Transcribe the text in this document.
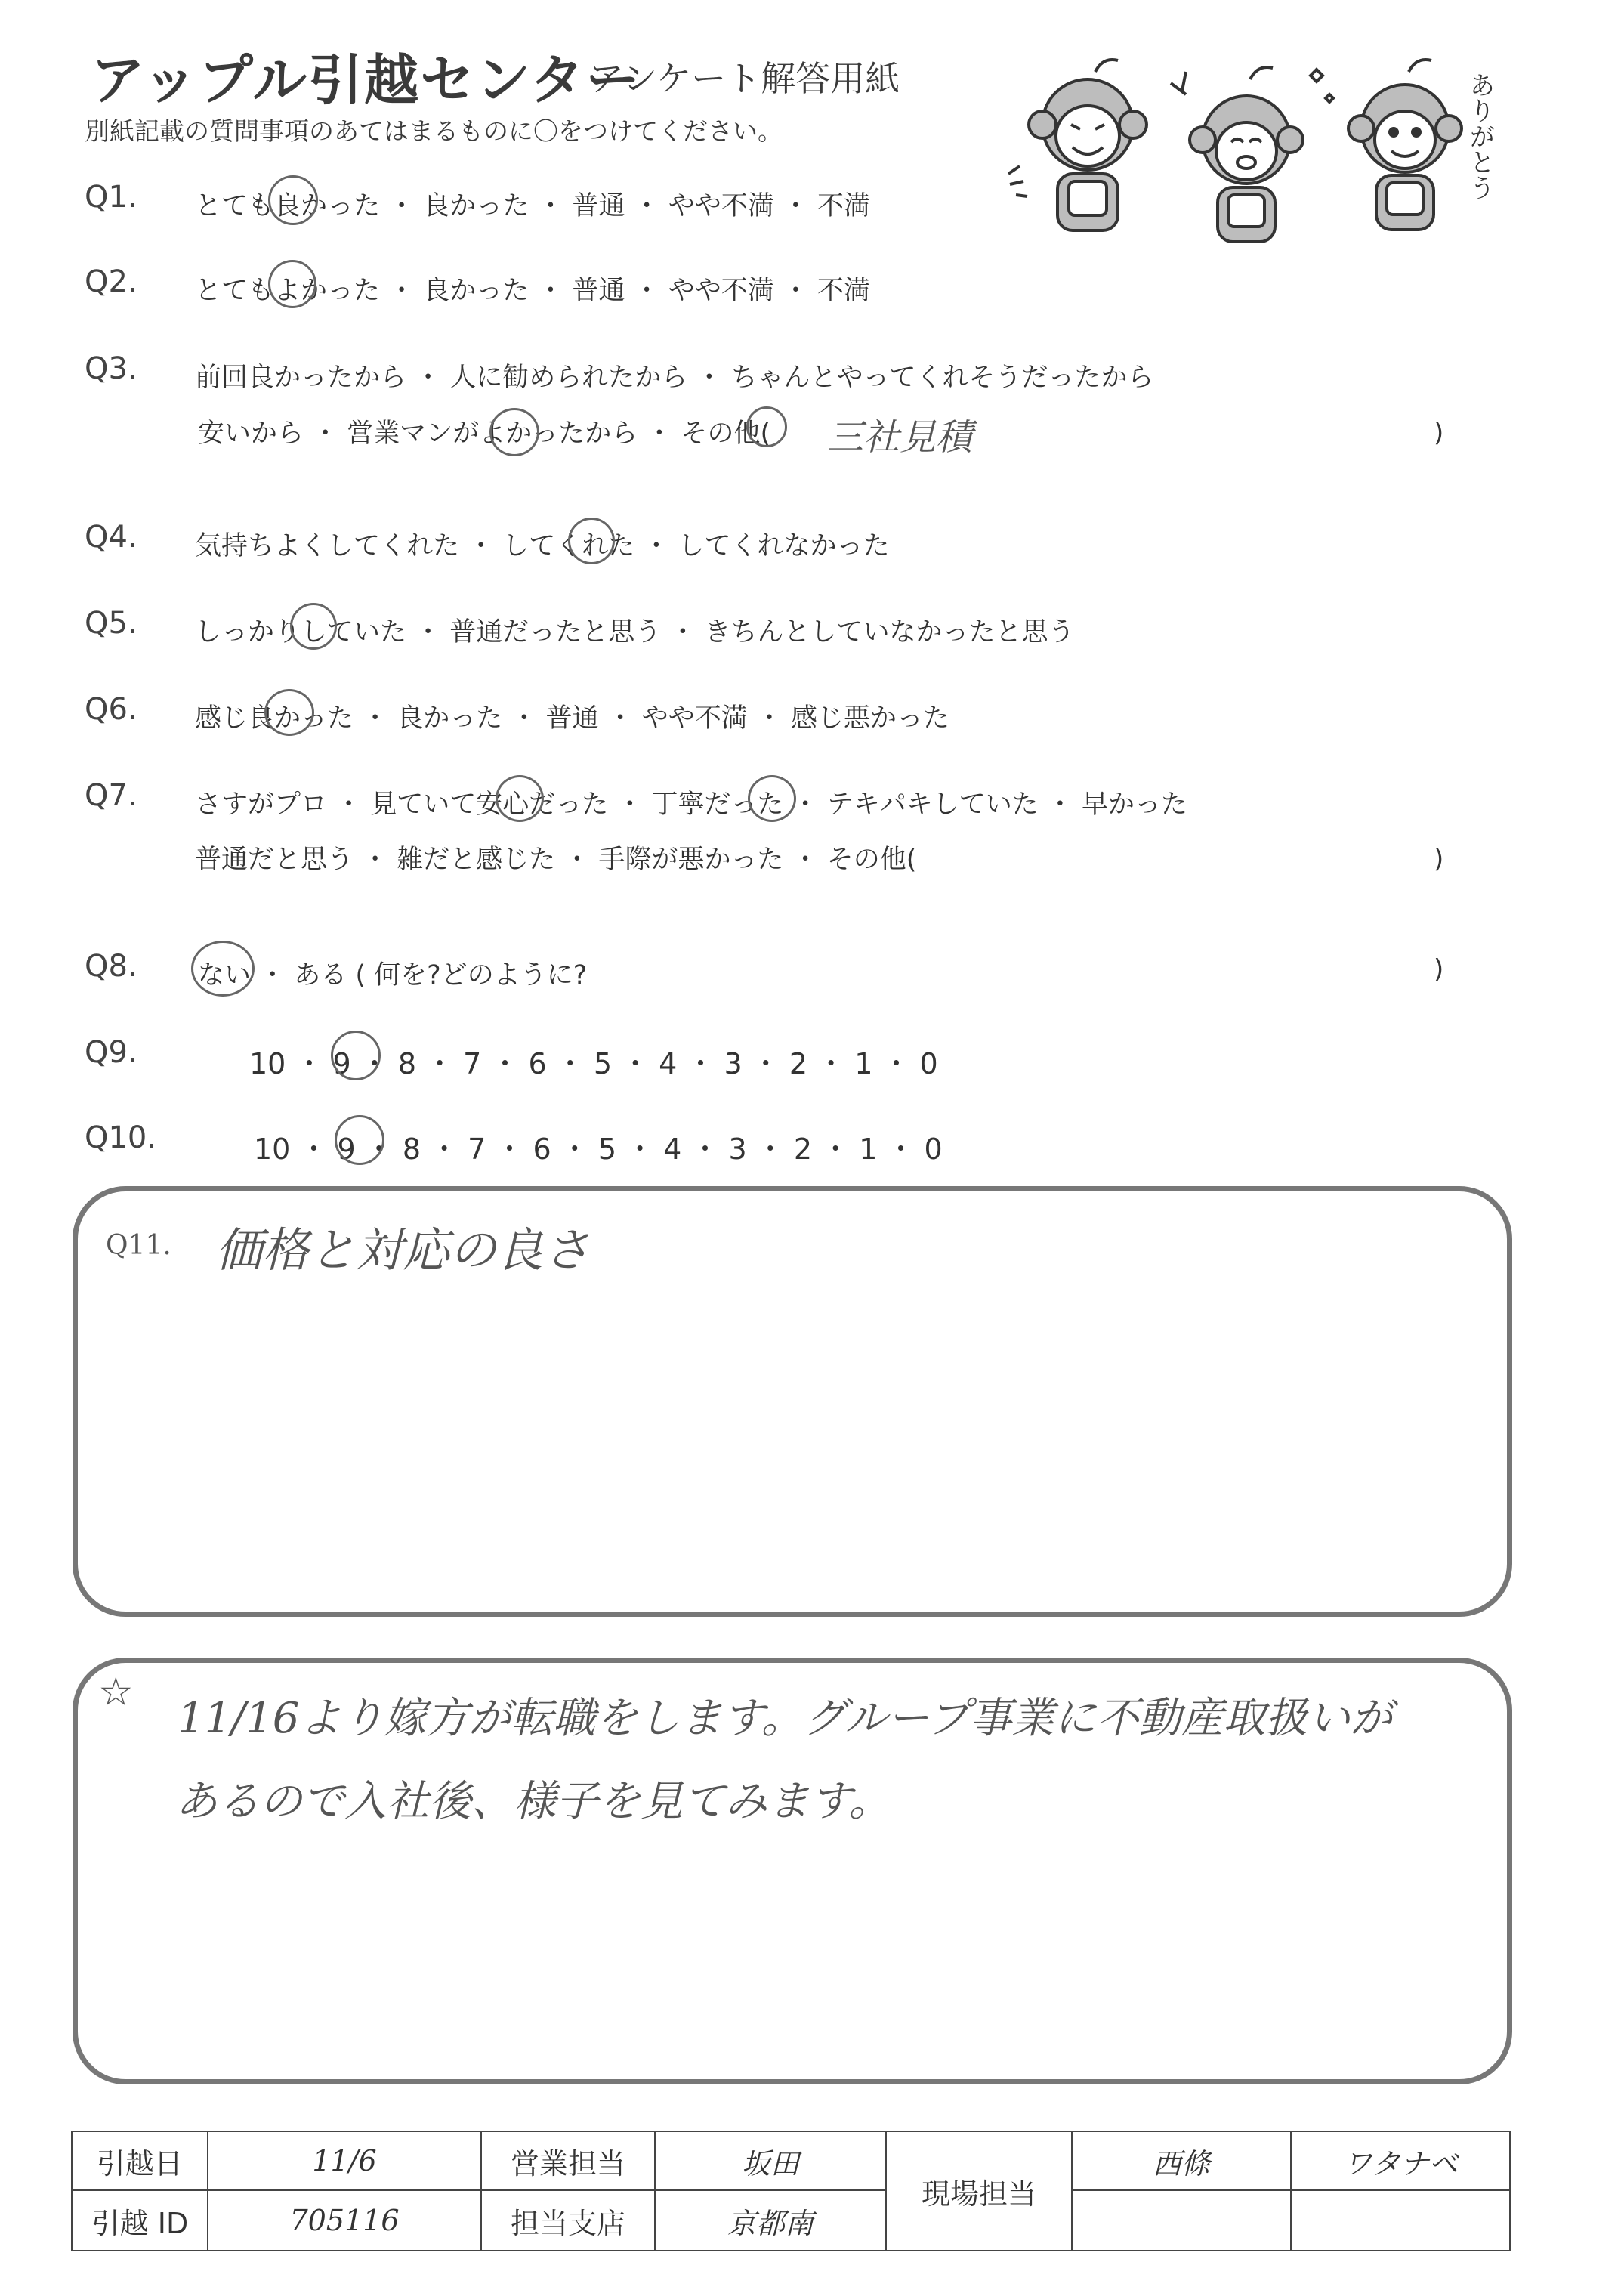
アップル引越センター
アンケート解答用紙
別紙記載の質問事項のあてはまるものに〇をつけてください。	ありがとう
Q1. とても良かった ・ 良かった ・ 普通 ・ やや不満 ・ 不満
Q2. とてもよかった ・ 良かった ・ 普通 ・ やや不満 ・ 不満
Q3. 前回良かったから ・ 人に勧められたから ・ ちゃんとやってくれそうだったから
安いから ・ 営業マンがよかったから ・ その他(	)
三社見積
Q4. 気持ちよくしてくれた ・ してくれた ・ してくれなかった
Q5. しっかりしていた ・ 普通だったと思う ・ きちんとしていなかったと思う
Q6. 感じ良かった ・ 良かった ・ 普通 ・ やや不満 ・ 感じ悪かった
Q7. さすがプロ ・ 見ていて安心だった ・ 丁寧だった ・ テキパキしていた ・ 早かった
普通だと思う ・ 雑だと感じた ・ 手際が悪かった ・ その他(	)
Q8. ない ・ ある ( 何を?どのように?	)
Q9.	10 ・ 9 ・ 8 ・ 7 ・ 6 ・ 5 ・ 4 ・ 3 ・ 2 ・ 1 ・ 0
Q10.	10 ・ 9 ・ 8 ・ 7 ・ 6 ・ 5 ・ 4 ・ 3 ・ 2 ・ 1 ・ 0
Q11. 価格と対応の良さ
☆
11/16より嫁方が転職をします。グループ事業に不動産取扱いが
あるので入社後、様子を見てみます。
引越日	11/6	営業担当	坂田	現場担当	西條	ワタナベ
引越 ID	705116	担当支店	京都南			
